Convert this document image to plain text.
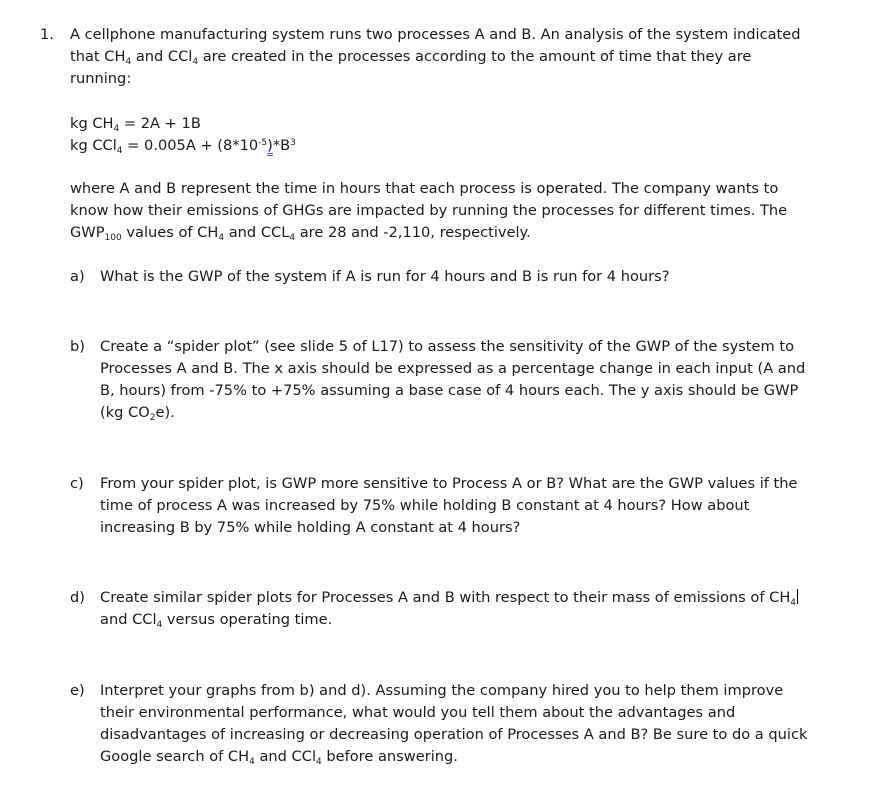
1. A cellphone manufacturing system runs two processes A and B. An analysis of the system indicated
that $CH_4$ and CCl$_4$ are created in the processes according to the amount of time that they are
running:
kg $CH_4 = 2A + 1B$
kg $CCl_4 = 0.005A + (8*10^{-5})*B^3$
where A and B represent the time in hours that each process is operated. The company wants to
know how their emissions of GHGs are impacted by running the processes for different times. The
$GWP_{100}$ values of $CH_4$ and $CCL_4$ are 28 and -2,110, respectively.
a) What is the GWP of the system if A is run for 4 hours and B is run for 4 hours?
b) Create a “spider plot” (see slide 5 of L17) to assess the sensitivity of the GWP of the system to
Processes A and B. The x axis should be expressed as a percentage change in each input (A and
B, hours) from -75% to +75% assuming a base case of 4 hours each. The y axis should be GWP
(kg $CO_2e$).
c) From your spider plot, is GWP more sensitive to Process A or B? What are the GWP values if the
time of process A was increased by 75% while holding B constant at 4 hours? How about
increasing B by 75% while holding A constant at 4 hours?
d) Create similar spider plots for Processes A and B with respect to their mass of emissions of $CH_4$
and CCl$_4$ versus operating time.
e) Interpret your graphs from b) and d). Assuming the company hired you to help them improve
their environmental performance, what would you tell them about the advantages and
disadvantages of increasing or decreasing operation of Processes A and B? Be sure to do a quick
Google search of $CH_4$ and CCl$_4$ before answering.
